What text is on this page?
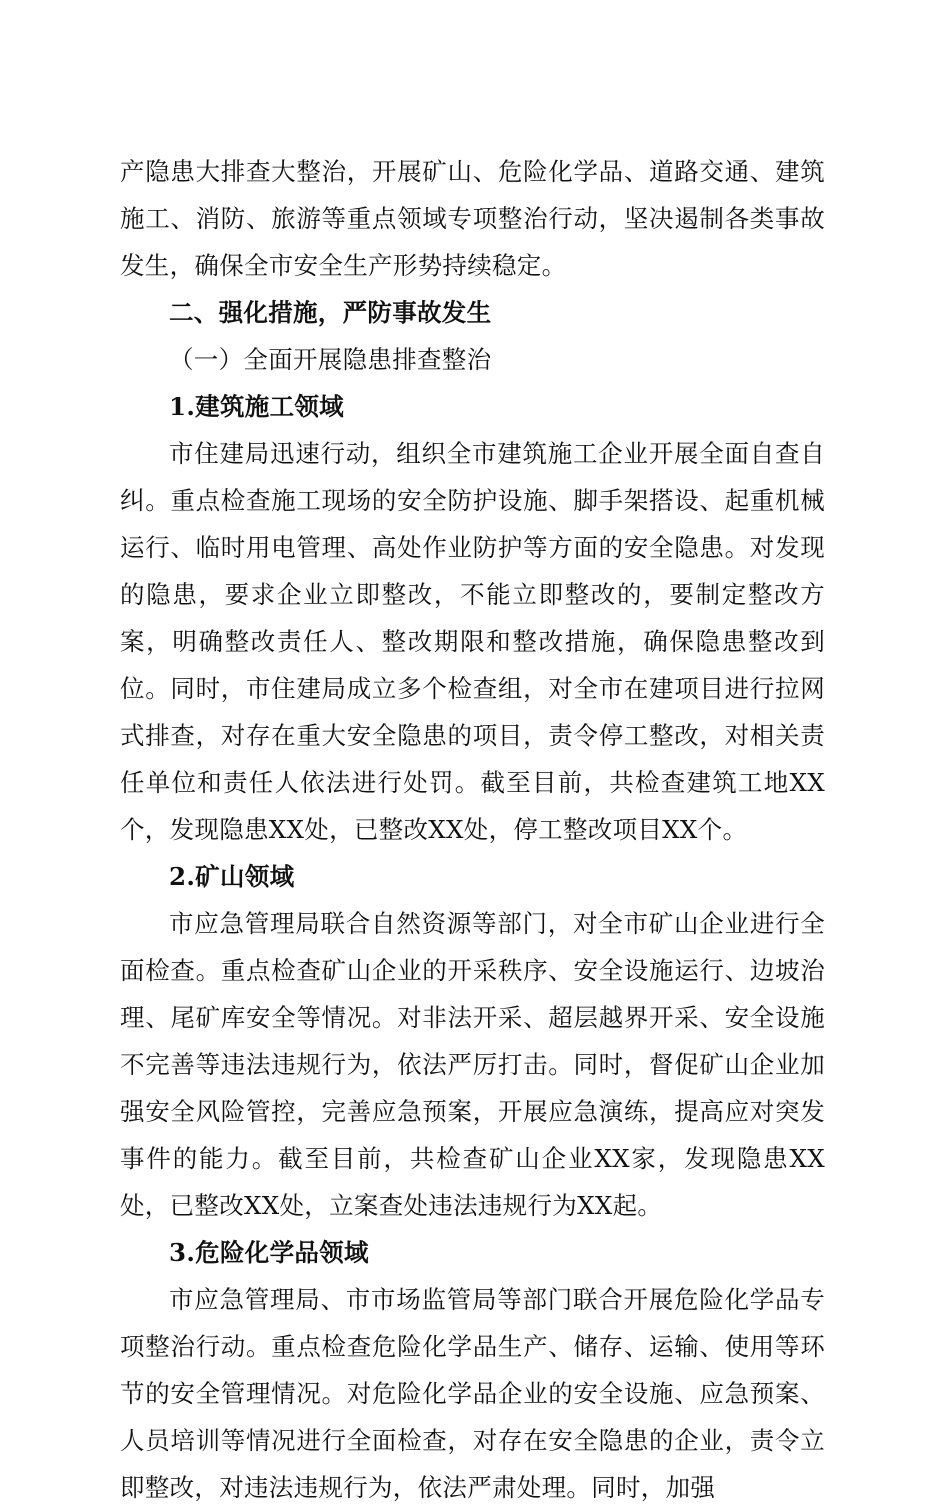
产隐患大排查大整治，开展矿山、危险化学品、道路交通、建筑施工、消防、旅游等重点领域专项整治行动，坚决遏制各类事故发生，确保全市安全生产形势持续稳定。

二、强化措施，严防事故发生

（一）全面开展隐患排查整治

1.建筑施工领域

市住建局迅速行动，组织全市建筑施工企业开展全面自查自纠。重点检查施工现场的安全防护设施、脚手架搭设、起重机械运行、临时用电管理、高处作业防护等方面的安全隐患。对发现的隐患，要求企业立即整改，不能立即整改的，要制定整改方案，明确整改责任人、整改期限和整改措施，确保隐患整改到位。同时，市住建局成立多个检查组，对全市在建项目进行拉网式排查，对存在重大安全隐患的项目，责令停工整改，对相关责任单位和责任人依法进行处罚。截至目前，共检查建筑工地XX个，发现隐患XX处，已整改XX处，停工整改项目XX个。

2.矿山领域

市应急管理局联合自然资源等部门，对全市矿山企业进行全面检查。重点检查矿山企业的开采秩序、安全设施运行、边坡治理、尾矿库安全等情况。对非法开采、超层越界开采、安全设施不完善等违法违规行为，依法严厉打击。同时，督促矿山企业加强安全风险管控，完善应急预案，开展应急演练，提高应对突发事件的能力。截至目前，共检查矿山企业XX家，发现隐患XX处，已整改XX处，立案查处违法违规行为XX起。

3.危险化学品领域

市应急管理局、市市场监管局等部门联合开展危险化学品专项整治行动。重点检查危险化学品生产、储存、运输、使用等环节的安全管理情况。对危险化学品企业的安全设施、应急预案、人员培训等情况进行全面检查，对存在安全隐患的企业，责令立即整改，对违法违规行为，依法严肃处理。同时，加强
